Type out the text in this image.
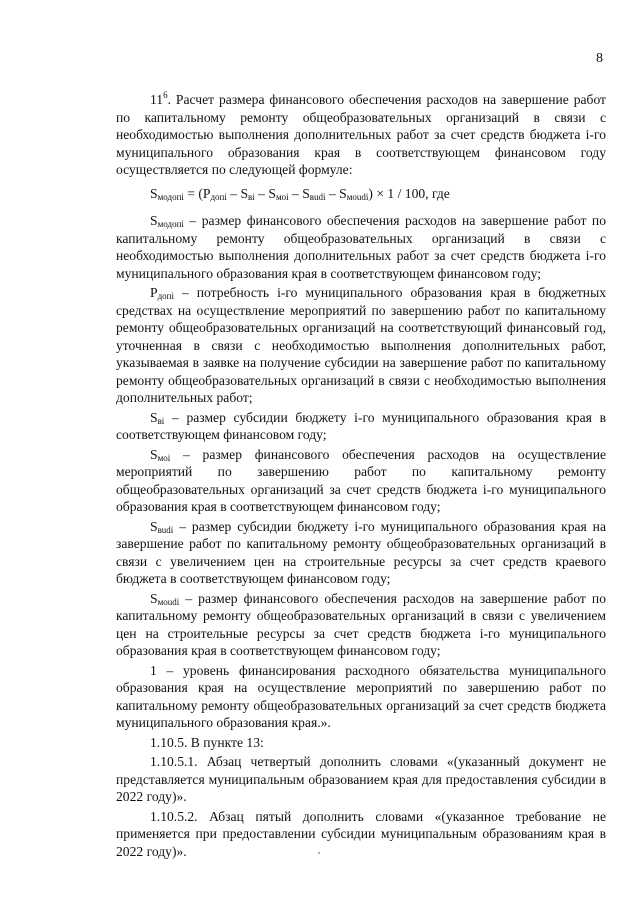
8

$11^6$. Расчет размера финансового обеспечения расходов на завершение работ по капитальному ремонту общеобразовательных организаций в связи с необходимостью выполнения дополнительных работ за счет средств бюджета i-го муниципального образования края в соответствующем финансовом году осуществляется по следующей формуле:

$S_{модопi} = (P_{допi} - S_{вi} - S_{моi} - S_{вudi} - S_{моudi}) \times 1 / 100$, где

$S_{модопi}$ – размер финансового обеспечения расходов на завершение работ по капитальному ремонту общеобразовательных организаций в связи с необходимостью выполнения дополнительных работ за счет средств бюджета i-го муниципального образования края в соответствующем финансовом году;

$P_{допi}$ – потребность i-го муниципального образования края в бюджетных средствах на осуществление мероприятий по завершению работ по капитальному ремонту общеобразовательных организаций на соответствующий финансовый год, уточненная в связи с необходимостью выполнения дополнительных работ, указываемая в заявке на получение субсидии на завершение работ по капитальному ремонту общеобразовательных организаций в связи с необходимостью выполнения дополнительных работ;

$S_{вi}$ – размер субсидии бюджету i-го муниципального образования края в соответствующем финансовом году;

$S_{моi}$ – размер финансового обеспечения расходов на осуществление мероприятий по завершению работ по капитальному ремонту общеобразовательных организаций за счет средств бюджета i-го муниципального образования края в соответствующем финансовом году;

$S_{вudi}$ – размер субсидии бюджету i-го муниципального образования края на завершение работ по капитальному ремонту общеобразовательных организаций в связи с увеличением цен на строительные ресурсы за счет средств краевого бюджета в соответствующем финансовом году;

$S_{моudi}$ – размер финансового обеспечения расходов на завершение работ по капитальному ремонту общеобразовательных организаций в связи с увеличением цен на строительные ресурсы за счет средств бюджета i-го муниципального образования края в соответствующем финансовом году;

1 – уровень финансирования расходного обязательства муниципального образования края на осуществление мероприятий по завершению работ по капитальному ремонту общеобразовательных организаций за счет средств бюджета муниципального образования края.».

1.10.5. В пункте 13:

1.10.5.1. Абзац четвертый дополнить словами «(указанный документ не представляется муниципальным образованием края для предоставления субсидии в 2022 году)».

1.10.5.2. Абзац пятый дополнить словами «(указанное требование не применяется при предоставлении субсидии муниципальным образованиям края в 2022 году)».
